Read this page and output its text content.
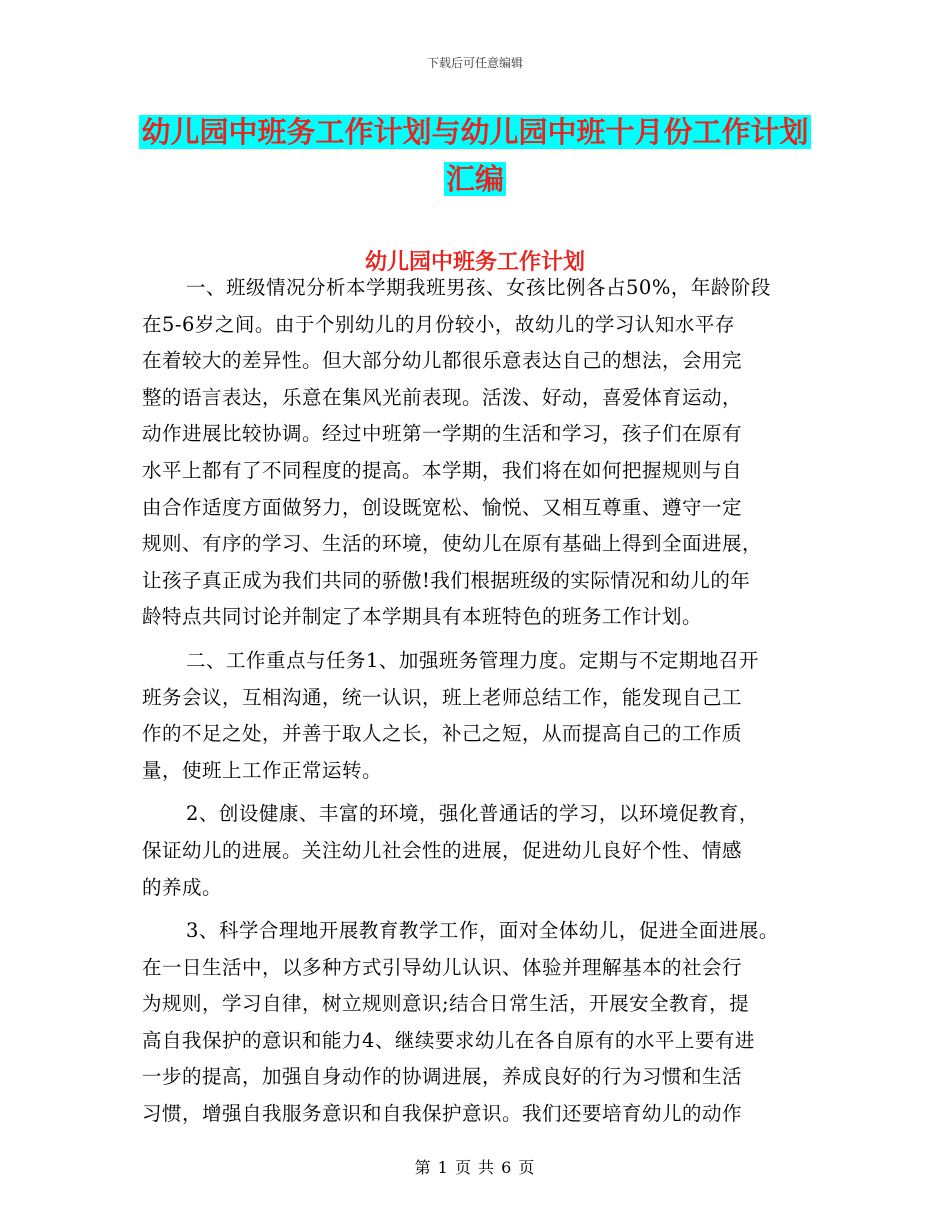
下载后可任意编辑
幼儿园中班务工作计划与幼儿园中班十月份工作计划
汇编
幼儿园中班务工作计划

一、班级情况分析本学期我班男孩、女孩比例各占50%，年龄阶段
在5-6岁之间。由于个别幼儿的月份较小，故幼儿的学习认知水平存
在着较大的差异性。但大部分幼儿都很乐意表达自己的想法，会用完
整的语言表达，乐意在集风光前表现。活泼、好动，喜爱体育运动，
动作进展比较协调。经过中班第一学期的生活和学习，孩子们在原有
水平上都有了不同程度的提高。本学期，我们将在如何把握规则与自
由合作适度方面做努力，创设既宽松、愉悦、又相互尊重、遵守一定
规则、有序的学习、生活的环境，使幼儿在原有基础上得到全面进展，
让孩子真正成为我们共同的骄傲!我们根据班级的实际情况和幼儿的年
龄特点共同讨论并制定了本学期具有本班特色的班务工作计划。

二、工作重点与任务1、加强班务管理力度。定期与不定期地召开
班务会议，互相沟通，统一认识，班上老师总结工作，能发现自己工
作的不足之处，并善于取人之长，补己之短，从而提高自己的工作质
量，使班上工作正常运转。

2、创设健康、丰富的环境，强化普通话的学习，以环境促教育，
保证幼儿的进展。关注幼儿社会性的进展，促进幼儿良好个性、情感
的养成。

3、科学合理地开展教育教学工作，面对全体幼儿，促进全面进展。
在一日生活中，以多种方式引导幼儿认识、体验并理解基本的社会行
为规则，学习自律，树立规则意识;结合日常生活，开展安全教育，提
高自我保护的意识和能力4、继续要求幼儿在各自原有的水平上要有进
一步的提高，加强自身动作的协调进展，养成良好的行为习惯和生活
习惯，增强自我服务意识和自我保护意识。我们还要培育幼儿的动作

第 1 页 共 6 页
